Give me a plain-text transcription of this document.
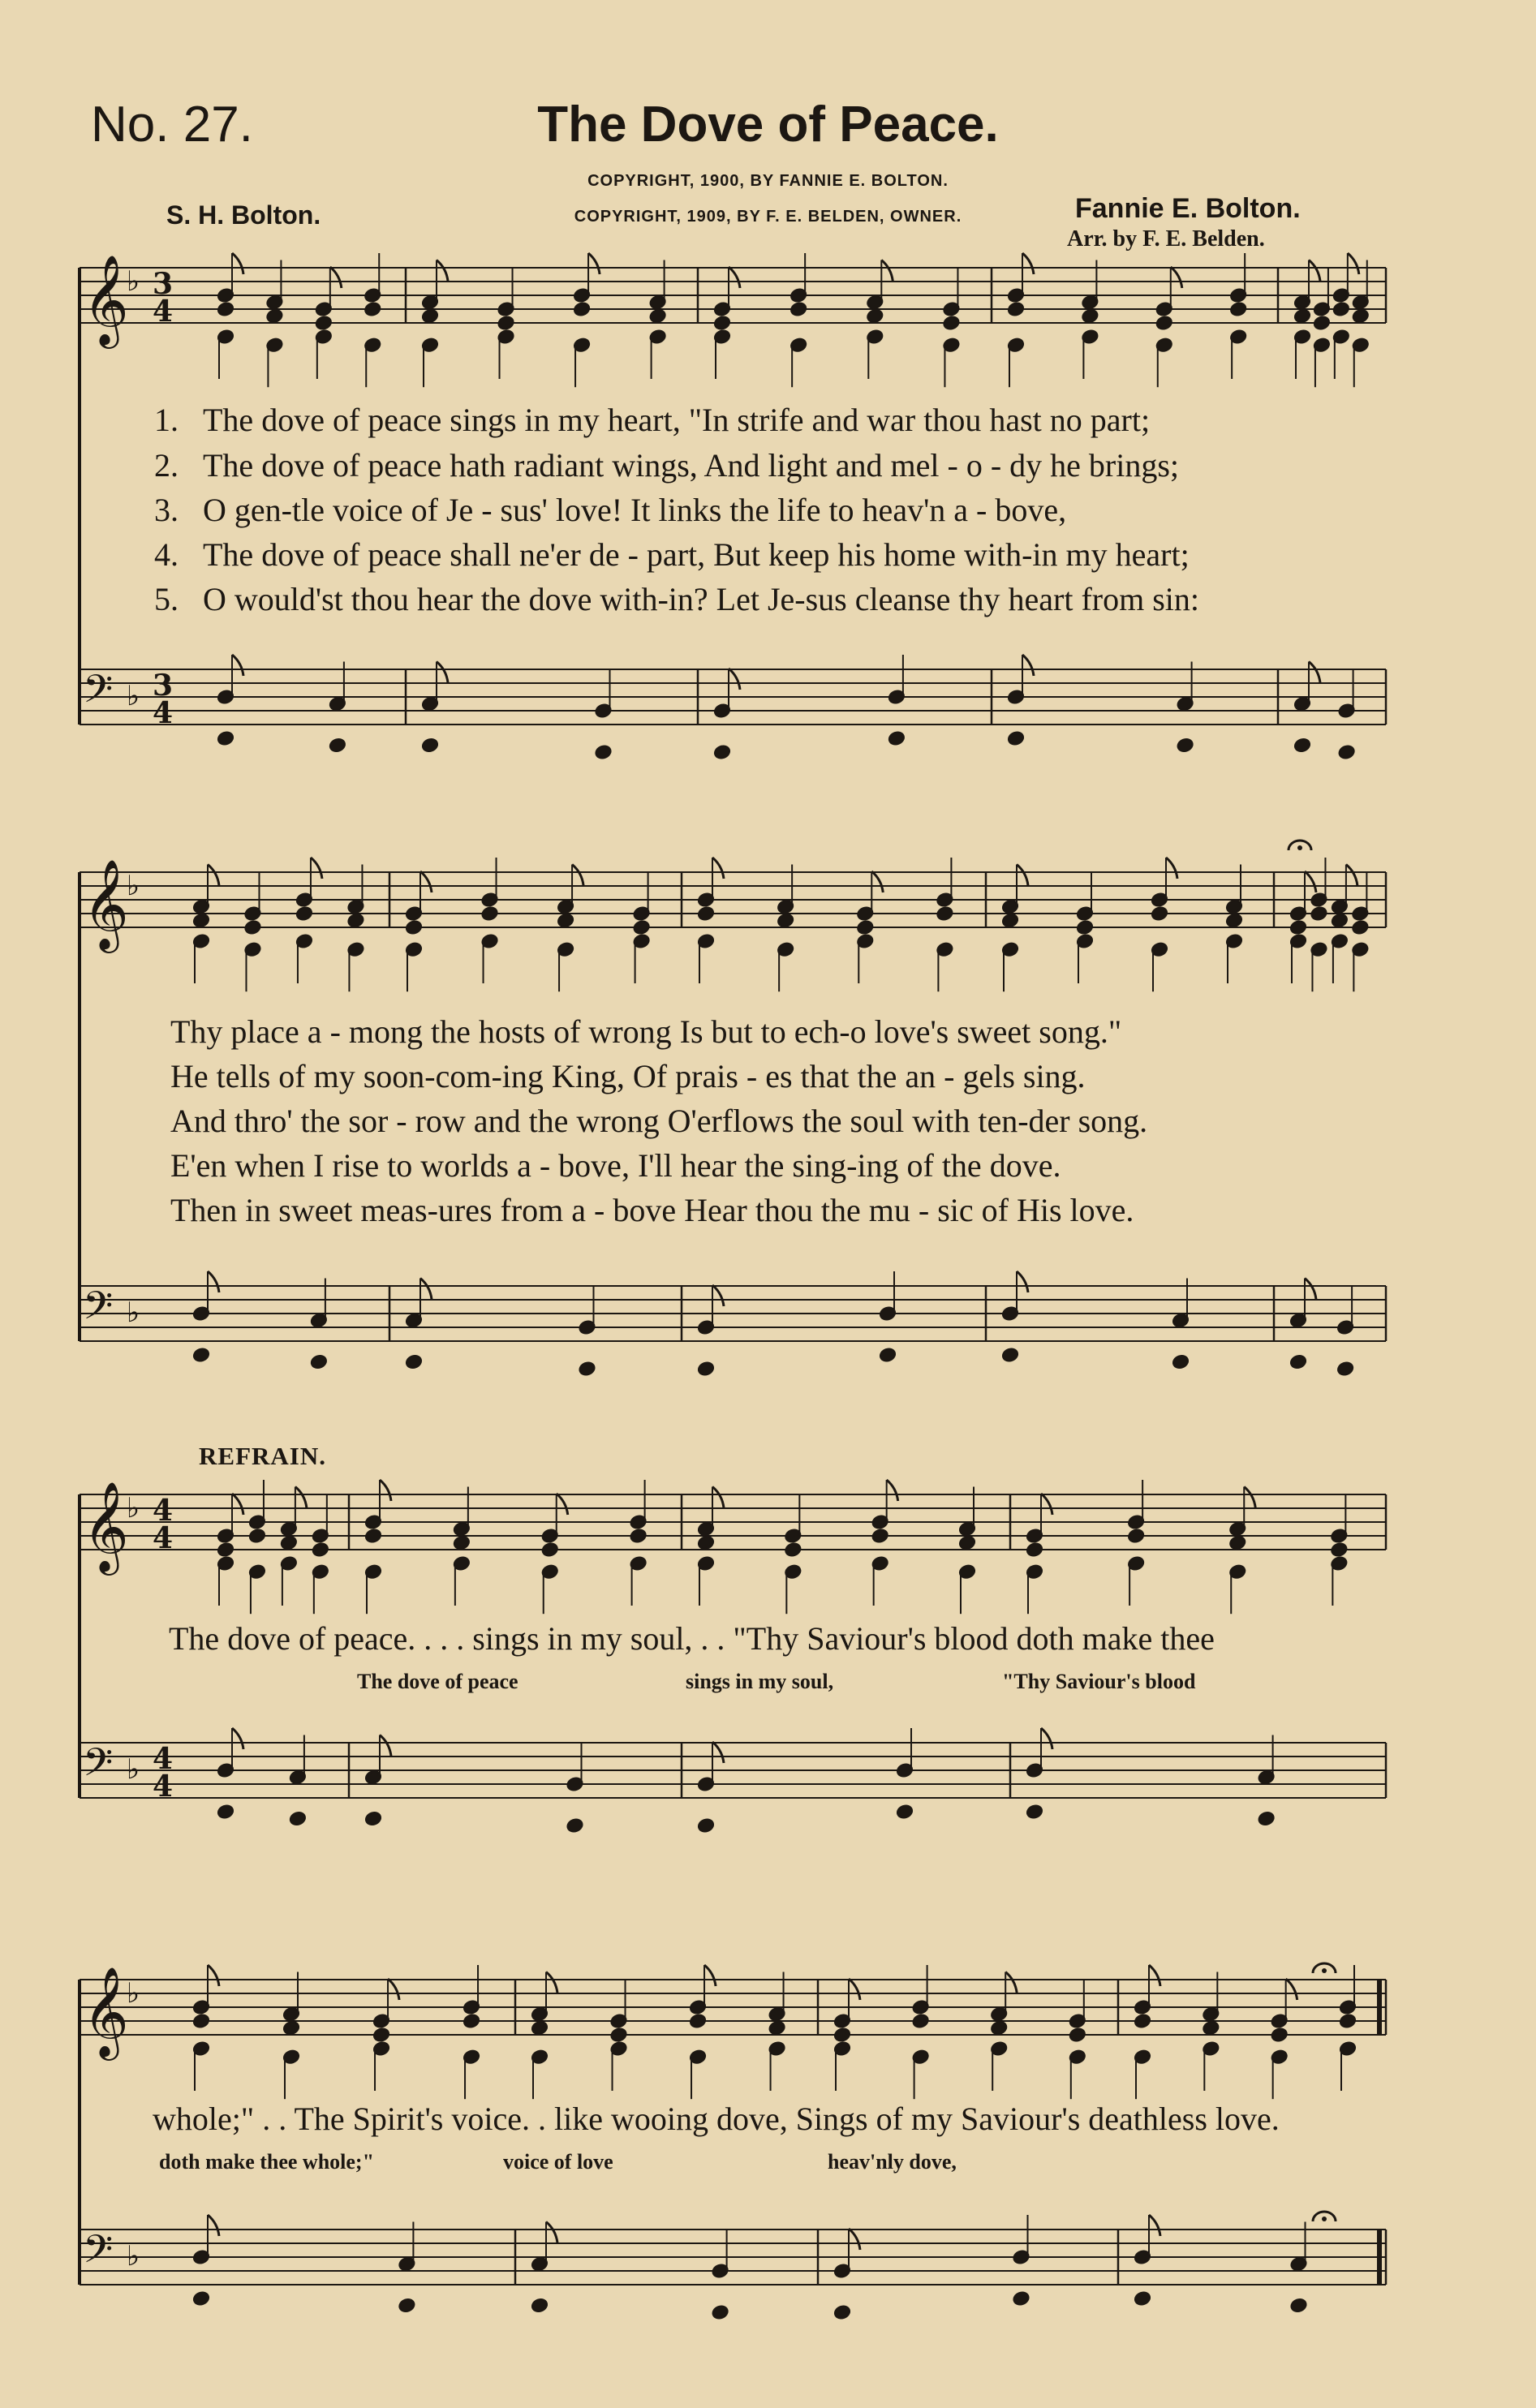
No. 27.	The Dove of Peace.
COPYRIGHT, 1900, BY FANNIE E. BOLTON.
COPYRIGHT, 1909, BY F. E. BELDEN, OWNER.
S. H. Bolton.	Fannie E. Bolton.
Arr. by F. E. Belden.
𝄞
♭
𝄢 ♭
3
4
3
4
𝄞
♭
𝄢 ♭
𝄞
♭
𝄢 ♭
4
4
4
4
𝄞
♭
𝄢 ♭
1. The dove of peace sings in my heart, "In strife and war thou hast no part;
2. The dove of peace hath radiant wings, And light and mel - o - dy he brings;
3. O gen-tle voice of Je - sus' love! It links the life to heav'n a - bove,
4. The dove of peace shall ne'er de - part, But keep his home with-in my heart;
5. O would'st thou hear the dove with-in? Let Je-sus cleanse thy heart from sin:
Thy place a - mong the hosts of wrong Is but to ech-o love's sweet song."
He tells of my soon-com-ing King, Of prais - es that the an - gels sing.
And thro' the sor - row and the wrong O'erflows the soul with ten-der song.
E'en when I rise to worlds a - bove, I'll hear the sing-ing of the dove.
Then in sweet meas-ures from a - bove Hear thou the mu - sic of His love.
REFRAIN.
The dove of peace. . . . sings in my soul, . . "Thy Saviour's blood doth make thee
The dove of peace	sings in my soul,	"Thy Saviour's blood
whole;" . . The Spirit's voice. . like wooing dove, Sings of my Saviour's deathless love.
doth make thee whole;"	voice of love	heav'nly dove,
